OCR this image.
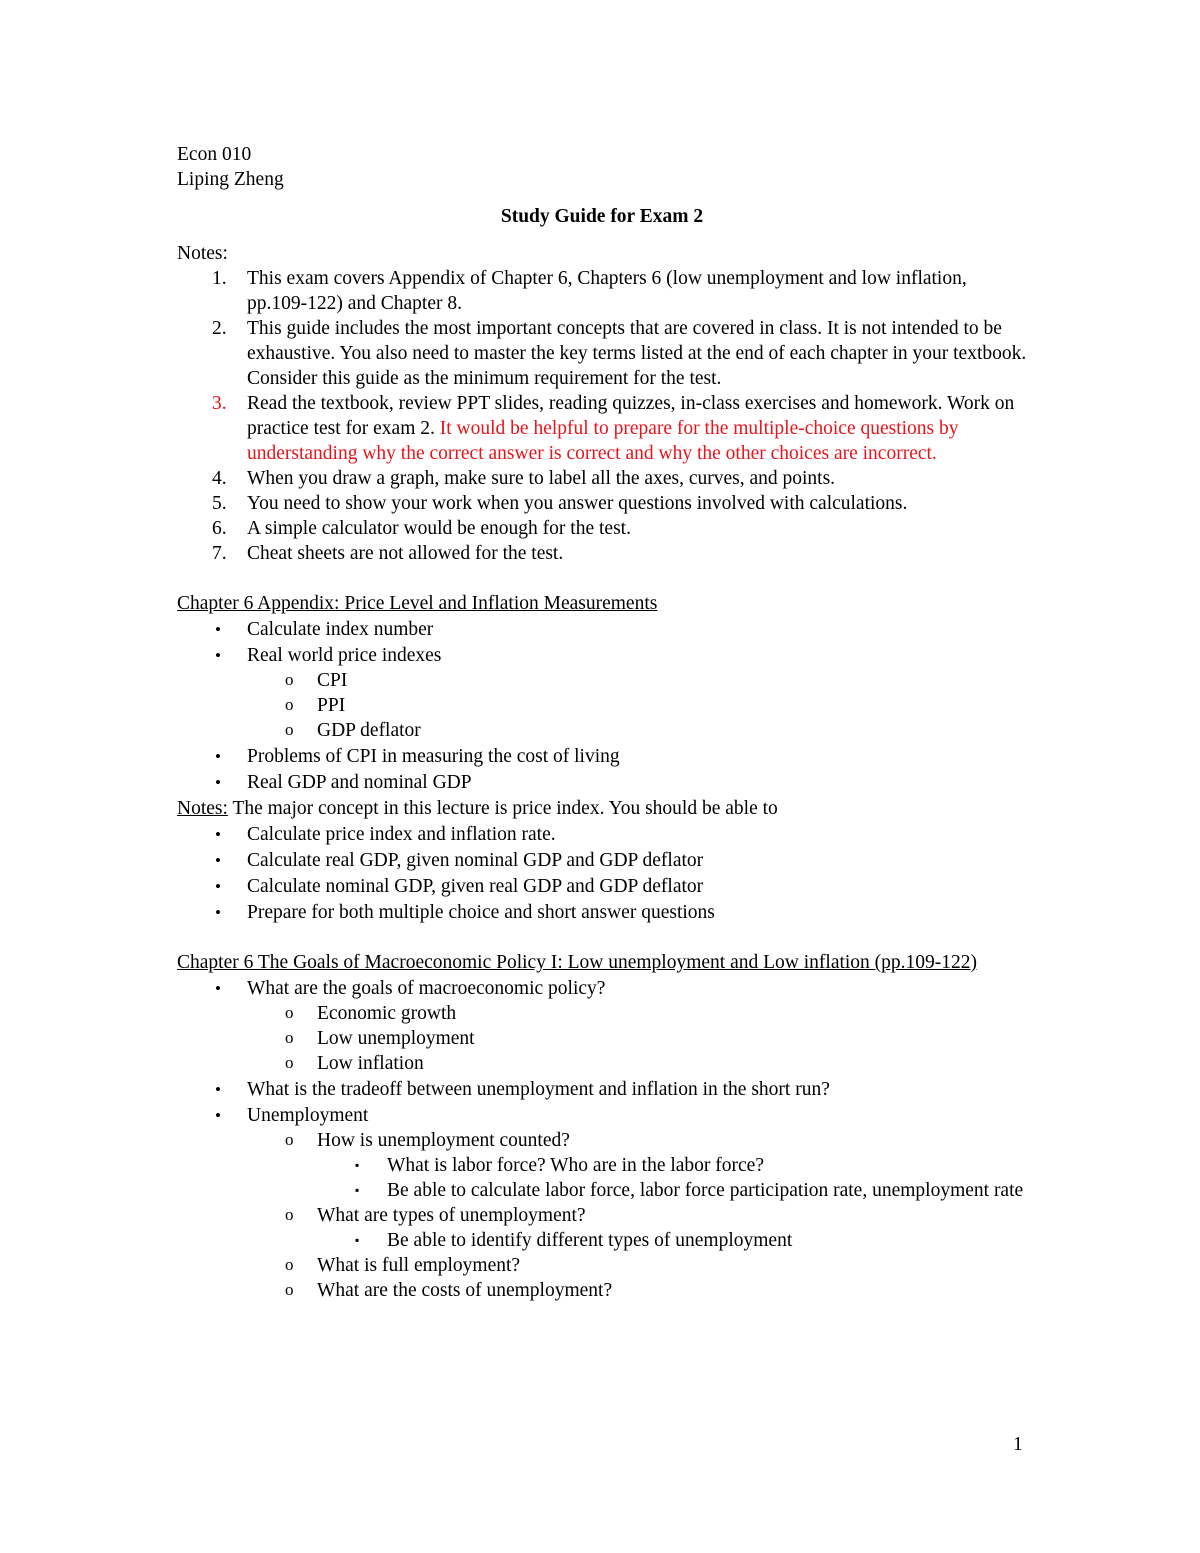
Econ 010
Liping Zheng
Study Guide for Exam 2
Notes:
1. This exam covers Appendix of Chapter 6, Chapters 6 (low unemployment and low inflation, pp.109-122) and Chapter 8.
2. This guide includes the most important concepts that are covered in class. It is not intended to be exhaustive. You also need to master the key terms listed at the end of each chapter in your textbook. Consider this guide as the minimum requirement for the test.
3. Read the textbook, review PPT slides, reading quizzes, in-class exercises and homework. Work on practice test for exam 2. It would be helpful to prepare for the multiple-choice questions by understanding why the correct answer is correct and why the other choices are incorrect.
4. When you draw a graph, make sure to label all the axes, curves, and points.
5. You need to show your work when you answer questions involved with calculations.
6. A simple calculator would be enough for the test.
7. Cheat sheets are not allowed for the test.
Chapter 6 Appendix: Price Level and Inflation Measurements
• Calculate index number
• Real world price indexes
o CPI
o PPI
o GDP deflator
• Problems of CPI in measuring the cost of living
• Real GDP and nominal GDP
Notes: The major concept in this lecture is price index. You should be able to
• Calculate price index and inflation rate.
• Calculate real GDP, given nominal GDP and GDP deflator
• Calculate nominal GDP, given real GDP and GDP deflator
• Prepare for both multiple choice and short answer questions
Chapter 6 The Goals of Macroeconomic Policy I: Low unemployment and Low inflation (pp.109-122)
• What are the goals of macroeconomic policy?
o Economic growth
o Low unemployment
o Low inflation
• What is the tradeoff between unemployment and inflation in the short run?
• Unemployment
o How is unemployment counted?
▪ What is labor force? Who are in the labor force?
▪ Be able to calculate labor force, labor force participation rate, unemployment rate
o What are types of unemployment?
▪ Be able to identify different types of unemployment
o What is full employment?
o What are the costs of unemployment?
1
